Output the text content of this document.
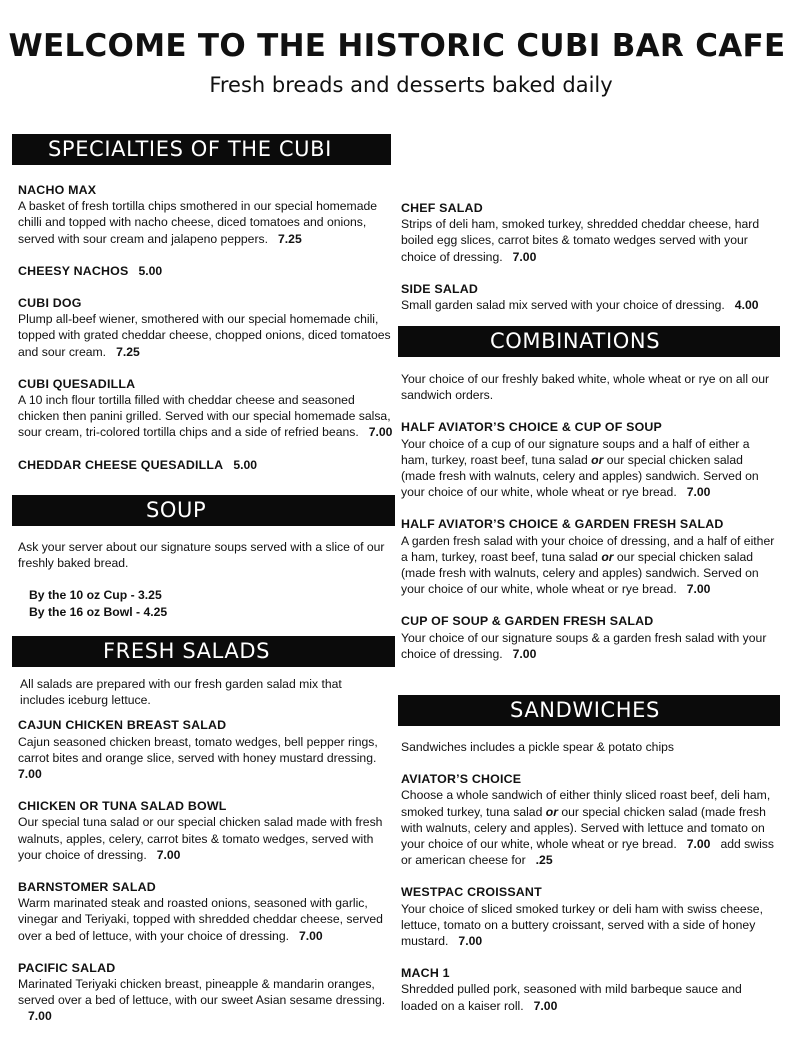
WELCOME TO THE HISTORIC CUBI BAR CAFE
Fresh breads and desserts baked daily
SPECIALTIES OF THE CUBI
NACHO MAX
A basket of fresh tortilla chips smothered in our special homemade chilli and topped with nacho cheese, diced tomatoes and onions, served with sour cream and jalapeno peppers. 7.25
CHEESY NACHOS 5.00
CUBI DOG
Plump all-beef wiener, smothered with our special homemade chili, topped with grated cheddar cheese, chopped onions, diced tomatoes and sour cream. 7.25
CUBI QUESADILLA
A 10 inch flour tortilla filled with cheddar cheese and seasoned chicken then panini grilled. Served with our special homemade salsa, sour cream, tri-colored tortilla chips and a side of refried beans. 7.00
CHEDDAR CHEESE QUESADILLA 5.00
SOUP
Ask your server about our signature soups served with a slice of our freshly baked bread.
By the 10 oz Cup - 3.25
By the 16 oz Bowl - 4.25
FRESH SALADS
All salads are prepared with our fresh garden salad mix that includes iceburg lettuce.
CAJUN CHICKEN BREAST SALAD
Cajun seasoned chicken breast, tomato wedges, bell pepper rings, carrot bites and orange slice, served with honey mustard dressing.7.00
CHICKEN OR TUNA SALAD BOWL
Our special tuna salad or our special chicken salad made with fresh walnuts, apples, celery, carrot bites & tomato wedges, served with your choice of dressing. 7.00
BARNSTOMER SALAD
Warm marinated steak and roasted onions, seasoned with garlic, vinegar and Teriyaki, topped with shredded cheddar cheese, served over a bed of lettuce, with your choice of dressing. 7.00
PACIFIC SALAD
Marinated Teriyaki chicken breast, pineapple & mandarin oranges, served over a bed of lettuce, with our sweet Asian sesame dressing.7.00
CHEF SALAD
Strips of deli ham, smoked turkey, shredded cheddar cheese, hard boiled egg slices, carrot bites & tomato wedges served with your choice of dressing. 7.00
SIDE SALAD
Small garden salad mix served with your choice of dressing. 4.00
COMBINATIONS
Your choice of our freshly baked white, whole wheat or rye on all our sandwich orders.
HALF AVIATOR’S CHOICE & CUP OF SOUP
Your choice of a cup of our signature soups and a half of either a ham, turkey, roast beef, tuna salad or our special chicken salad (made fresh with walnuts, celery and apples) sandwich. Served on your choice of our white, whole wheat or rye bread. 7.00
HALF AVIATOR’S CHOICE & GARDEN FRESH SALAD
A garden fresh salad with your choice of dressing, and a half of either a ham, turkey, roast beef, tuna salad or our special chicken salad (made fresh with walnuts, celery and apples) sandwich. Served on your choice of our white, whole wheat or rye bread. 7.00
CUP OF SOUP & GARDEN FRESH SALAD
Your choice of our signature soups & a garden fresh salad with your choice of dressing. 7.00
SANDWICHES
Sandwiches includes a pickle spear & potato chips
AVIATOR’S CHOICE
Choose a whole sandwich of either thinly sliced roast beef, deli ham, smoked turkey, tuna salad or our special chicken salad (made fresh with walnuts, celery and apples). Served with lettuce and tomato on your choice of our white, whole wheat or rye bread. 7.00 add swiss or american cheese for .25
WESTPAC CROISSANT
Your choice of sliced smoked turkey or deli ham with swiss cheese, lettuce, tomato on a buttery croissant, served with a side of honey mustard. 7.00
MACH 1
Shredded pulled pork, seasoned with mild barbeque sauce and loaded on a kaiser roll. 7.00
